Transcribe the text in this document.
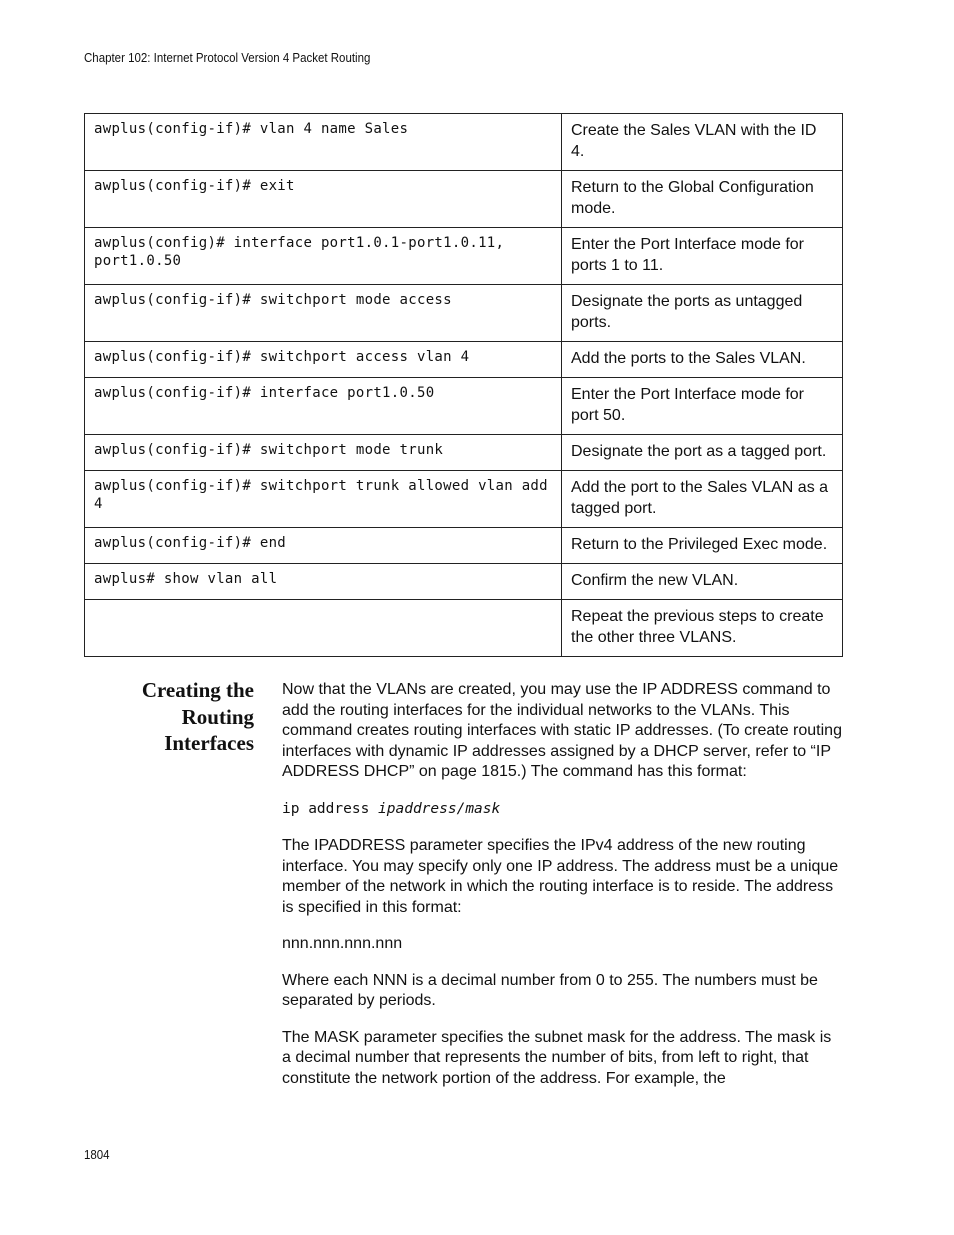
Chapter 102: Internet Protocol Version 4 Packet Routing
awplus(config-if)# vlan 4 name Sales	Create the Sales VLAN with the ID 4.
awplus(config-if)# exit	Return to the Global Configuration mode.
awplus(config)# interface port1.0.1-port1.0.11, port1.0.50	Enter the Port Interface mode for ports 1 to 11.
awplus(config-if)# switchport mode access	Designate the ports as untagged ports.
awplus(config-if)# switchport access vlan 4	Add the ports to the Sales VLAN.
awplus(config-if)# interface port1.0.50	Enter the Port Interface mode for port 50.
awplus(config-if)# switchport mode trunk	Designate the port as a tagged port.
awplus(config-if)# switchport trunk allowed vlan add 4	Add the port to the Sales VLAN as a tagged port.
awplus(config-if)# end	Return to the Privileged Exec mode.
awplus# show vlan all	Confirm the new VLAN.
	Repeat the previous steps to create the other three VLANS.
Creating the
Routing
Interfaces

Now that the VLANs are created, you may use the IP ADDRESS command to add the routing interfaces for the individual networks to the VLANs. This command creates routing interfaces with static IP addresses. (To create routing interfaces with dynamic IP addresses assigned by a DHCP server, refer to “IP ADDRESS DHCP” on page 1815.) The command has this format:

ip address ipaddress/mask

The IPADDRESS parameter specifies the IPv4 address of the new routing interface. You may specify only one IP address. The address must be a unique member of the network in which the routing interface is to reside. The address is specified in this format:

nnn.nnn.nnn.nnn

Where each NNN is a decimal number from 0 to 255. The numbers must be separated by periods.

The MASK parameter specifies the subnet mask for the address. The mask is a decimal number that represents the number of bits, from left to right, that constitute the network portion of the address. For example, the

1804
